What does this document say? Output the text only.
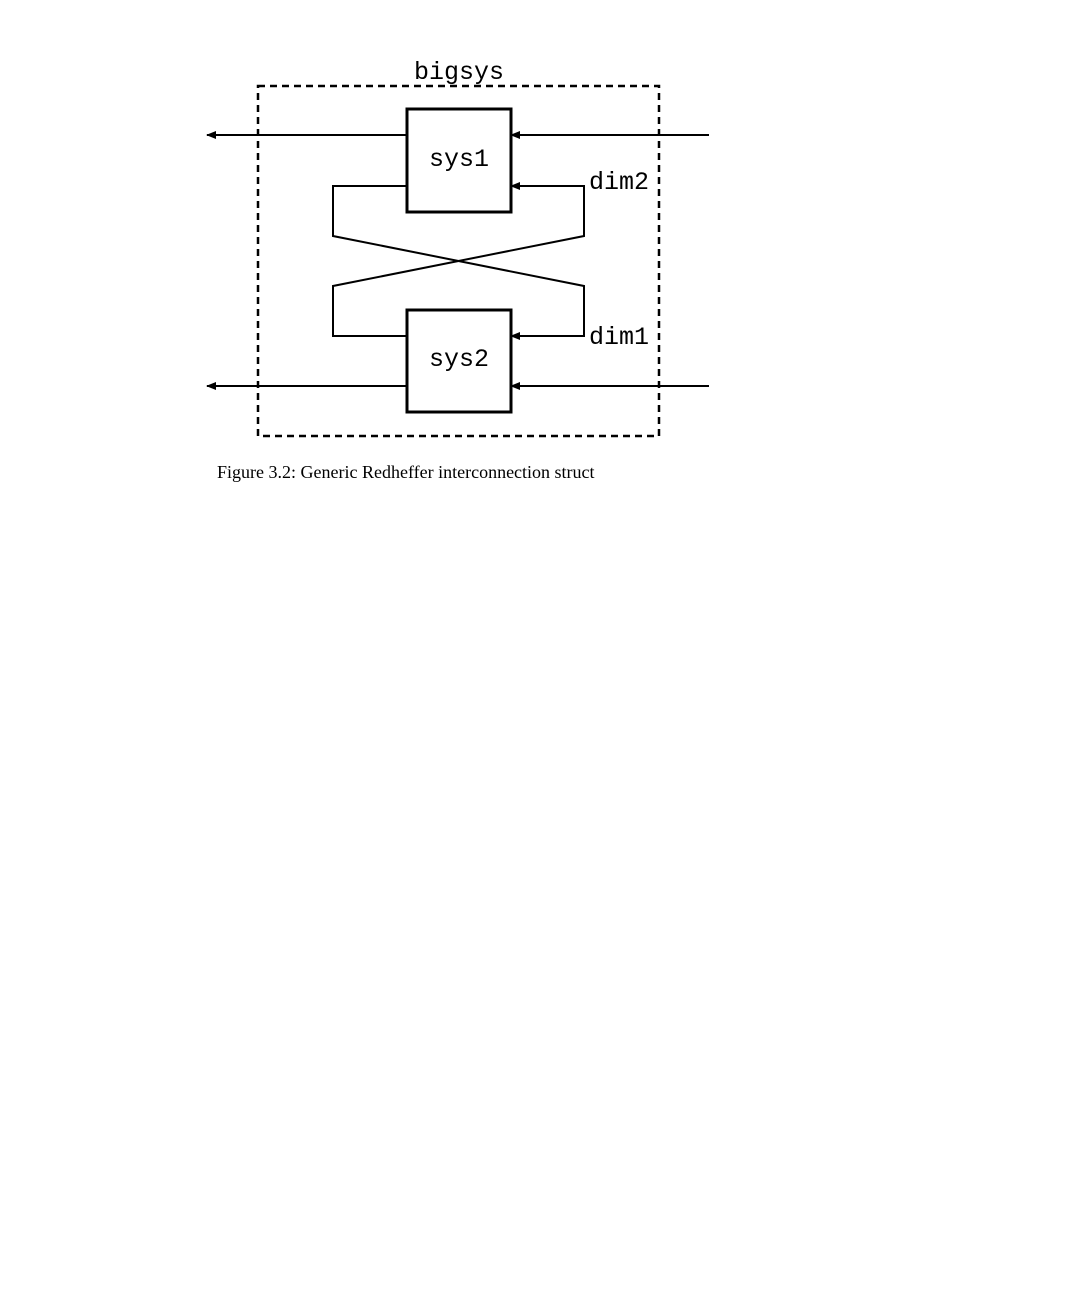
bigsys
sys1
sys2
dim2
dim1
Figure 3.2: Generic Redheffer interconnection struct
